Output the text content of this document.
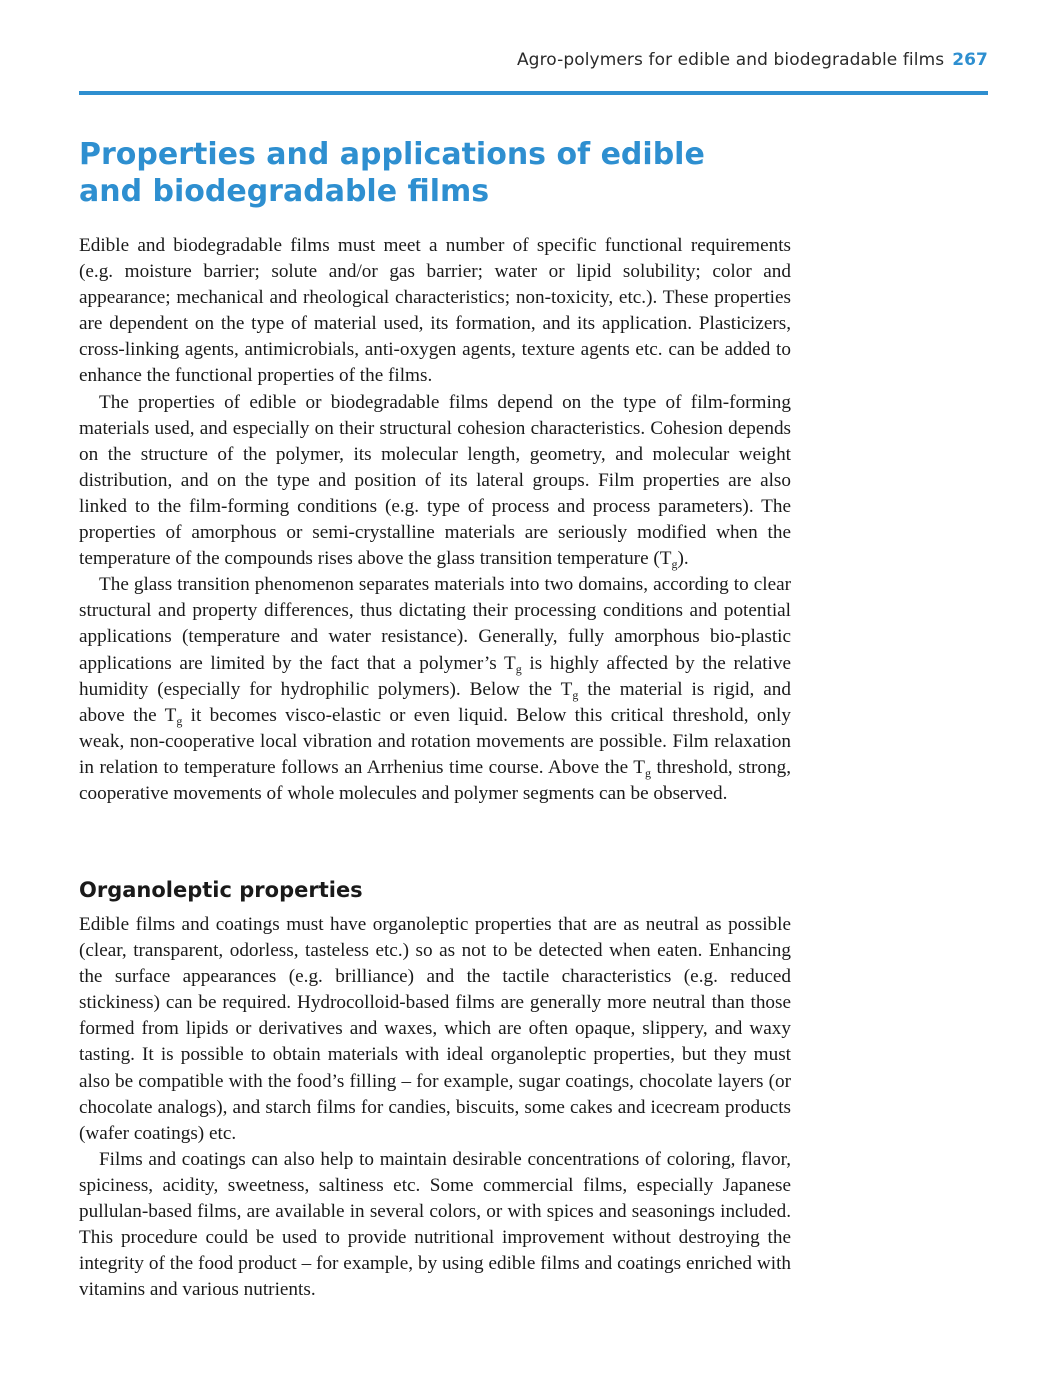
Agro-polymers for edible and biodegradable films 267
Properties and applications of edible
and biodegradable films

Edible and biodegradable films must meet a number of specific functional requirements (e.g. moisture barrier; solute and/or gas barrier; water or lipid solubility; color and appearance; mechanical and rheological characteristics; non-toxicity, etc.). These properties are dependent on the type of material used, its formation, and its application. Plasticizers, cross-linking agents, antimicrobials, anti-oxygen agents, texture agents etc. can be added to enhance the functional properties of the films.

The properties of edible or biodegradable films depend on the type of film-forming materials used, and especially on their structural cohesion characteristics. Cohesion depends on the structure of the polymer, its molecular length, geometry, and molecular weight distribution, and on the type and position of its lateral groups. Film properties are also linked to the film-forming conditions (e.g. type of process and process parameters). The properties of amorphous or semi-crystalline materials are seriously modified when the temperature of the compounds rises above the glass transition temperature $(T_g)$.

The glass transition phenomenon separates materials into two domains, according to clear structural and property differences, thus dictating their processing conditions and potential applications (temperature and water resistance). Generally, fully amorphous bio-plastic applications are limited by the fact that a polymer’s $T_g$ is highly affected by the relative humidity (especially for hydrophilic polymers). Below the $T_g$ the material is rigid, and above the $T_g$ it becomes visco-elastic or even liquid. Below this critical threshold, only weak, non-cooperative local vibration and rotation movements are possible. Film relaxation in relation to temperature follows an Arrhenius time course. Above the $T_g$ threshold, strong, cooperative movements of whole molecules and polymer segments can be observed.

Organoleptic properties

Edible films and coatings must have organoleptic properties that are as neutral as possible (clear, transparent, odorless, tasteless etc.) so as not to be detected when eaten. Enhancing the surface appearances (e.g. brilliance) and the tactile characteristics (e.g. reduced stickiness) can be required. Hydrocolloid-based films are generally more neutral than those formed from lipids or derivatives and waxes, which are often opaque, slippery, and waxy tasting. It is possible to obtain materials with ideal organoleptic properties, but they must also be compatible with the food’s filling – for example, sugar coatings, chocolate layers (or chocolate analogs), and starch films for candies, biscuits, some cakes and icecream products (wafer coatings) etc.

Films and coatings can also help to maintain desirable concentrations of coloring, flavor, spiciness, acidity, sweetness, saltiness etc. Some commercial films, especially Japanese pullulan-based films, are available in several colors, or with spices and seasonings included. This procedure could be used to provide nutritional improvement without destroying the integrity of the food product – for example, by using edible films and coatings enriched with vitamins and various nutrients.
